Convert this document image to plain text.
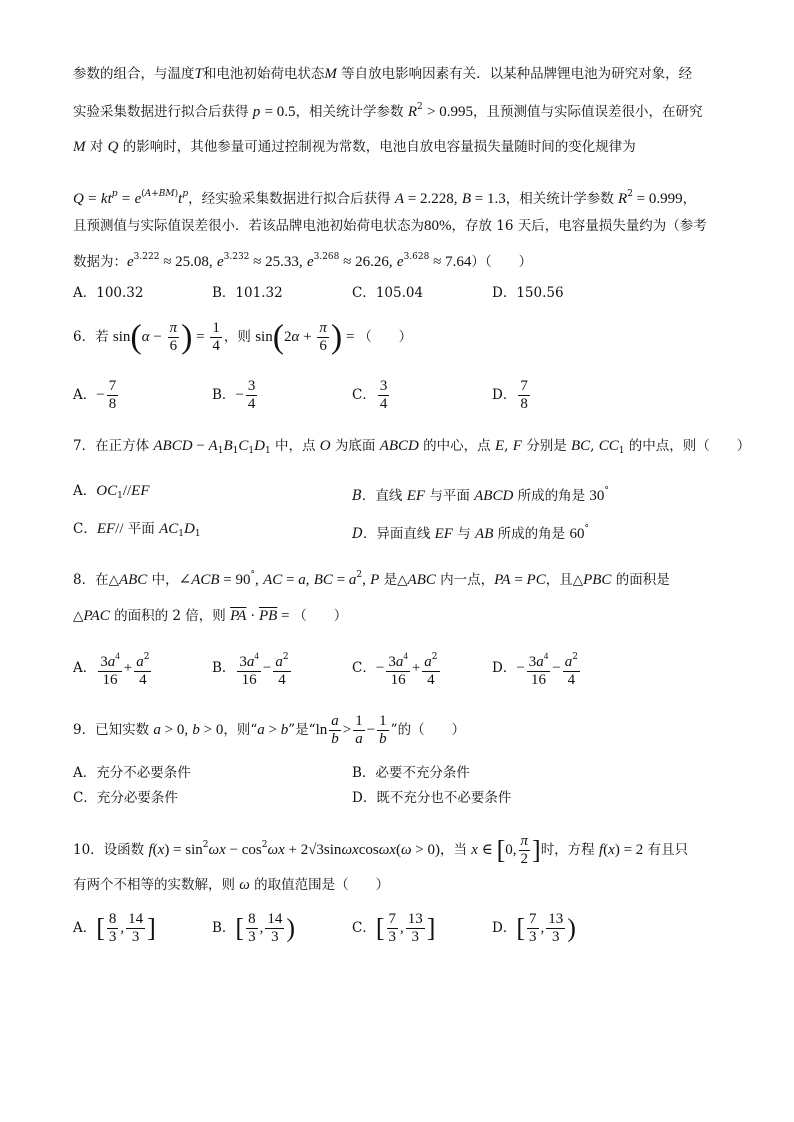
参数的组合，与温度T和电池初始荷电状态M 等自放电影响因素有关．以某种品牌锂电池为研究对象，经
实验采集数据进行拟合后获得 p = 0.5，相关统计学参数 $R^2 > 0.995$，且预测值与实际值误差很小，在研究
M 对 Q 的影响时，其他参量可通过控制视为常数，电池自放电容量损失量随时间的变化规律为
$Q = kt^p = e^{(A+BM)}t^p$，经实验采集数据进行拟合后获得 A = 2.228, B = 1.3，相关统计学参数 $R^2 = 0.999$，
且预测值与实际值误差很小．若该品牌电池初始荷电状态为80%，存放 16 天后，电容量损失量约为（参考
数据为：$e^{3.222} \approx 25.08$, $e^{3.232} \approx 25.33$, $e^{3.268} \approx 26.26$, $e^{3.628} \approx 7.64$）（　　）
A．100.32	B．101.32	C．105.04	D．150.56
6．若 $\sin(\alpha - \frac{\pi}{6}$ ) = $\frac{1}{4}$ ，则 $\sin(2\alpha + \frac{\pi}{6}$ ) = （　　）
A．− $\frac{7}{8}$	B．− $\frac{3}{4}$	C． $\frac{3}{4}$	D． $\frac{7}{8}$
7．在正方体 ABCD − $A_1B_1C_1D_1$ 中，点 O 为底面 ABCD 的中心，点 E, F 分别是 BC, $CC_1$ 的中点，则（　　）
A．$OC_1//EF$	B．直线 EF 与平面 ABCD 所成的角是 30°
C．EF// 平面 $AC_1D_1$	D．异面直线 EF 与 AB 所成的角是 60°
8．在△ABC 中，∠ACB = 90°, AC = a, BC = $a^2$, P 是△ABC 内一点，PA = PC，且△PBC 的面积是
△PAC 的面积的 2 倍，则 $\overline{PA} \cdot \overline{PB}$ = （　　）
A． $\frac{3a^4}{16} + \frac{a^2}{4}$	B． $\frac{3a^4}{16} - \frac{a^2}{4}$	C．− $\frac{3a^4}{16} + \frac{a^2}{4}$	D．− $\frac{3a^4}{16} - \frac{a^2}{4}$
9．已知实数 a > 0, b > 0，则“a > b”是“$\ln \frac{a}{b} > \frac{1}{a} - \frac{1}{b}$ ”的（　　）
A．充分不必要条件	B．必要不充分条件
C．充分必要条件	D．既不充分也不必要条件
10．设函数 $f(x) = \sin^2\omega x - \cos^2\omega x + 2√3\sin\omega xcos\omega x(\omega > 0)$，当 x ∈ [0, $\frac{\pi}{2}$ ]时，方程 f(x) = 2 有且只
有两个不相等的实数解，则 ω 的取值范围是（　　）
A．[ $\frac{8}{3}$ , $\frac{14}{3}$ ]	B．[ $\frac{8}{3}$ , $\frac{14}{3}$ )	C．[ $\frac{7}{3}$ , $\frac{13}{3}$ ]	D．[ $\frac{7}{3}$ , $\frac{13}{3}$ )
